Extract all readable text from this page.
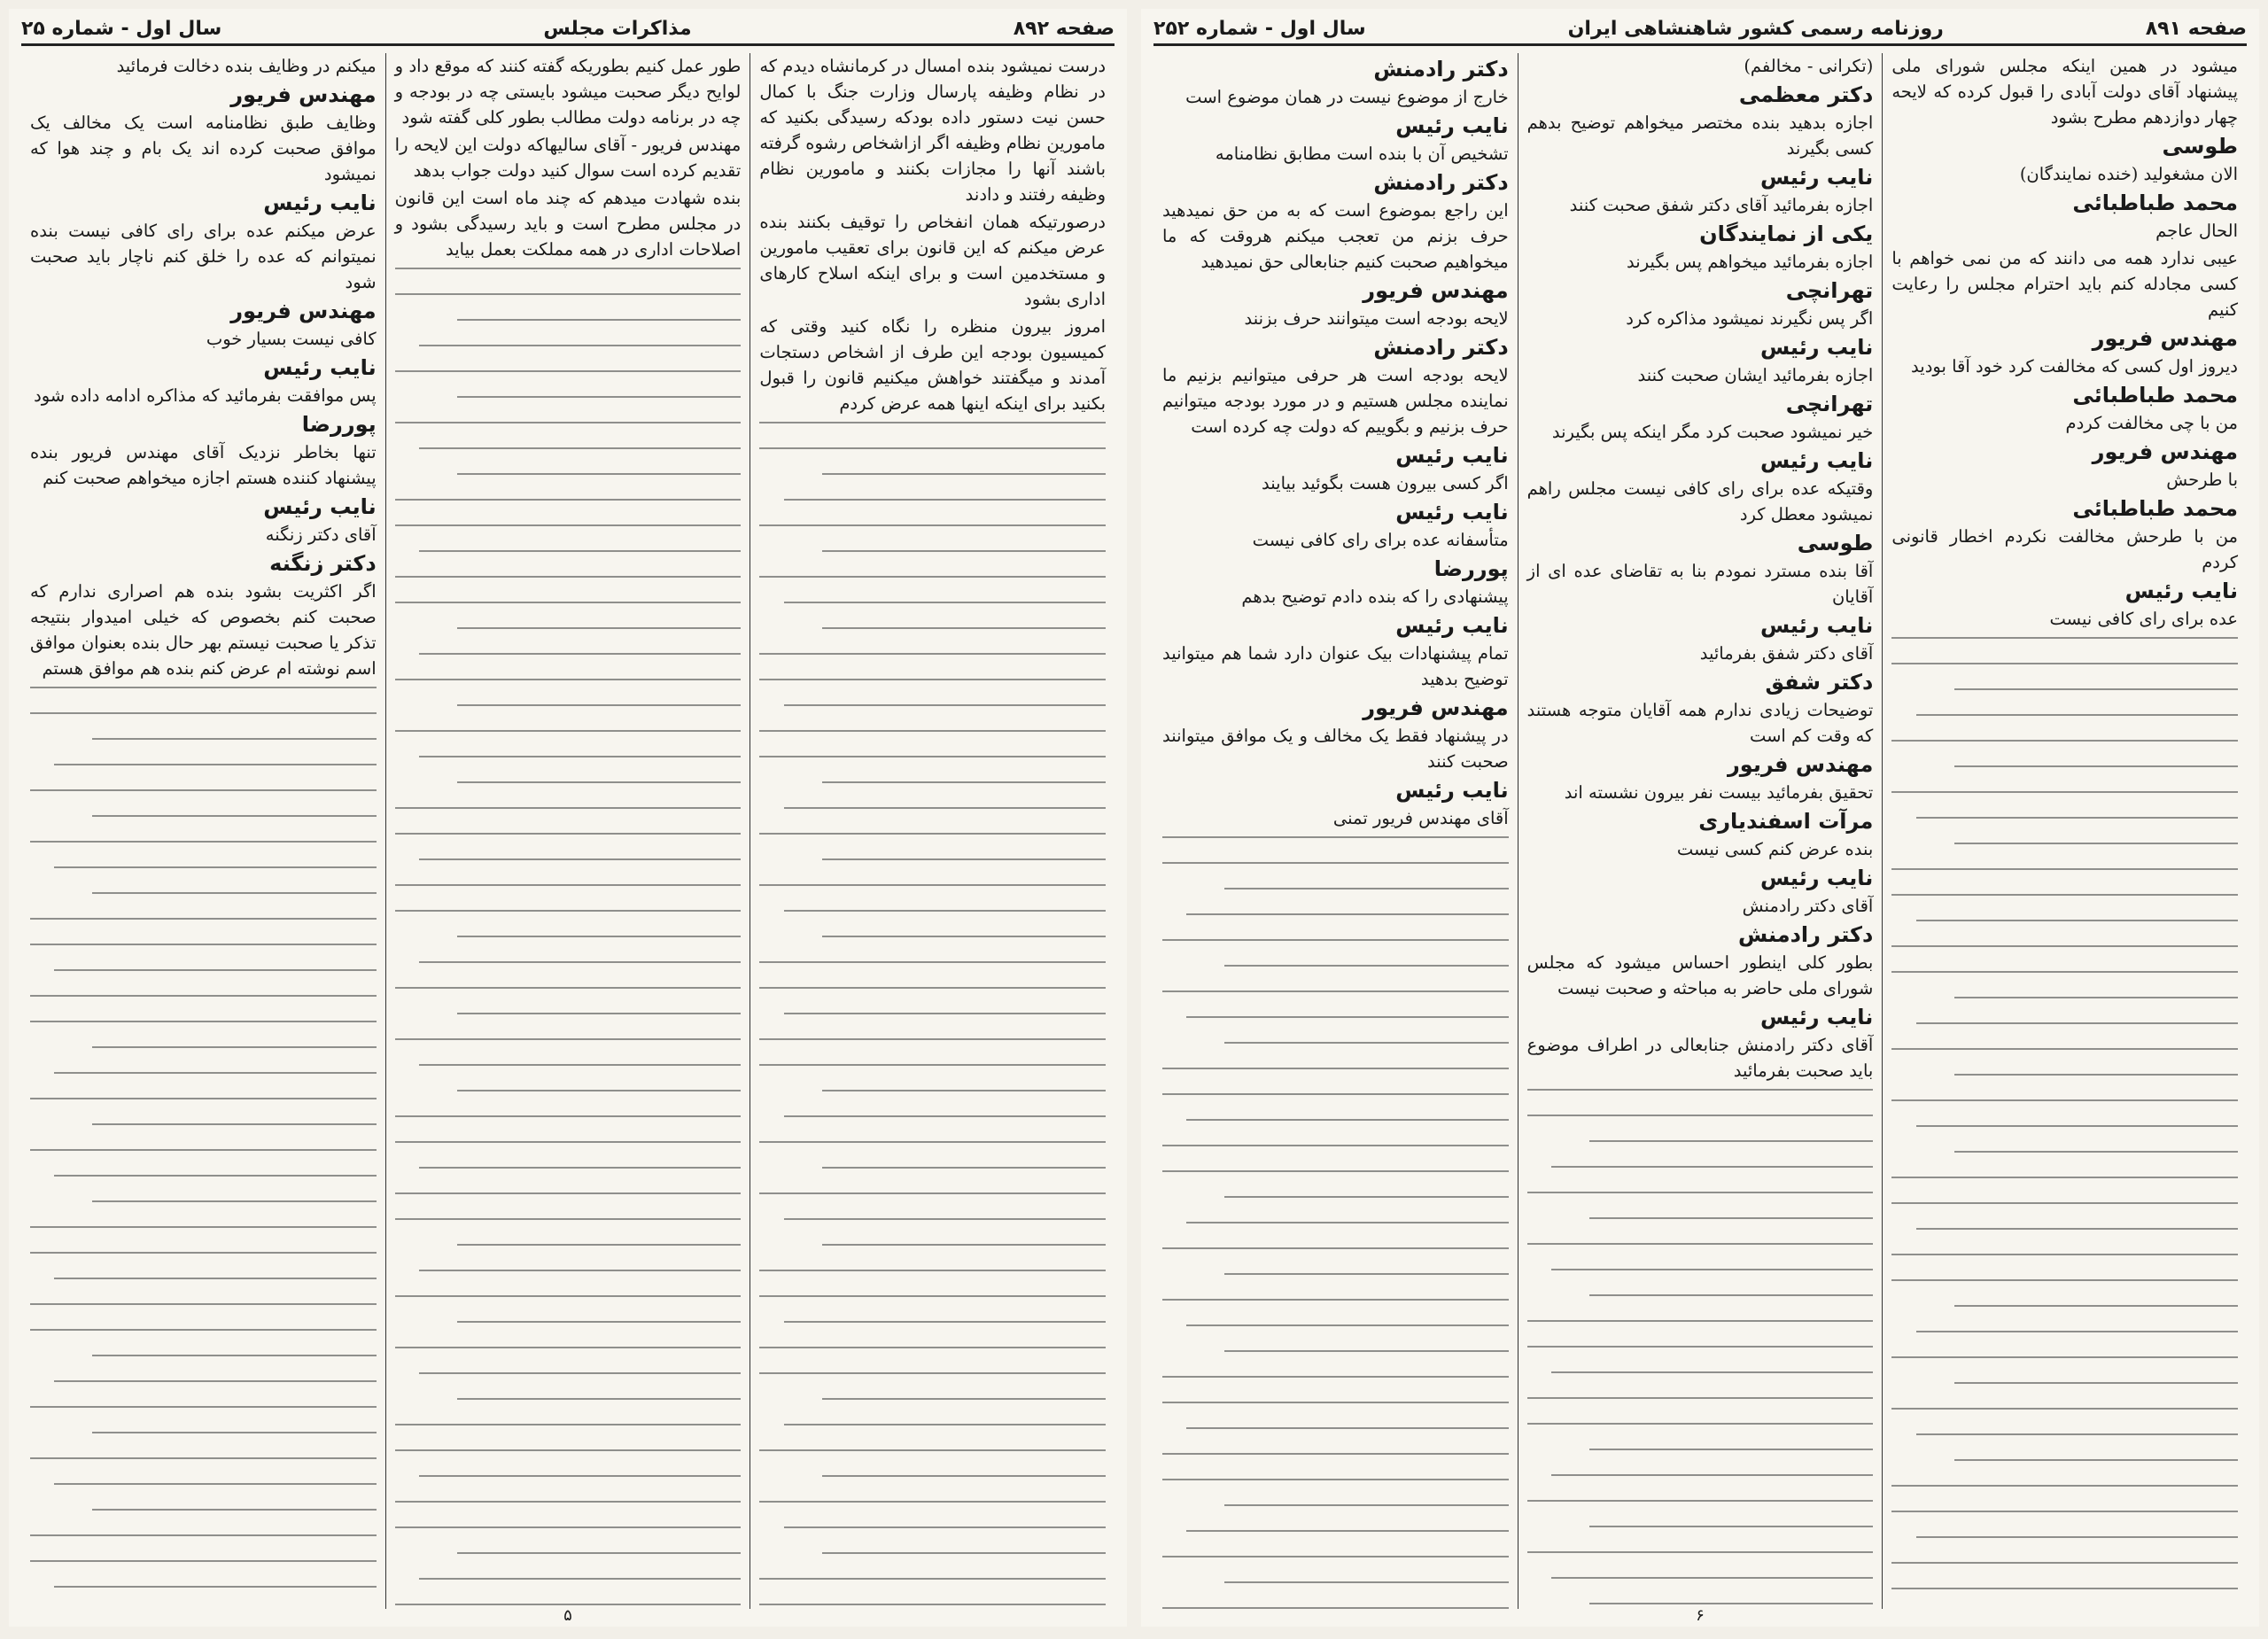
صفحه ۸۹۲
مذاکرات مجلس
سال اول - شماره ۲۵

درست نمیشود بنده امسال در کرمانشاه دیدم که در نظام وظیفه پارسال وزارت جنگ با کمال حسن نیت دستور داده بودکه رسیدگی بکنید که مامورین نظام وظیفه اگر ازاشخاص رشوه گرفته باشند آنها را مجازات بکنند و مامورین نظام وظیفه رفتند و دادند

درصورتیکه همان انفخاص را توقیف بکنند بنده عرض میکنم که این قانون برای تعقیب مامورین و مستخدمین است و برای اینکه اسلاح کارهای اداری بشود

امروز بیرون منظره را نگاه کنید وقتی که کمیسیون بودجه این طرف از اشخاص دستجات آمدند و میگفتند خواهش میکنیم قانون را قبول بکنید برای اینکه اینها همه عرض کردم

طور عمل کنیم بطوریکه گفته کنند که موقع داد و لوایح دیگر صحبت میشود بایستی چه در بودجه و چه در برنامه دولت مطالب بطور کلی گفته شود

مهندس فریور - آقای سالیهاکه دولت این لایحه را تقدیم کرده است سوال کنید دولت جواب بدهد

بنده شهادت میدهم که چند ماه است این قانون در مجلس مطرح است و باید رسیدگی بشود و اصلاحات اداری در همه مملکت بعمل بیاید

میکنم در وظایف بنده دخالت فرمائید

مهندس فریور

وظایف طبق نظامنامه است یک مخالف یک موافق صحبت کرده اند یک بام و چند هوا که نمیشود

نایب رئیس

عرض میکنم عده برای رای کافی نیست بنده نمیتوانم که عده را خلق کنم ناچار باید صحبت شود

مهندس فریور

کافی نیست بسیار خوب

نایب رئیس

پس موافقت بفرمائید که مذاکره ادامه داده شود

پوررضا

تنها بخاطر نزدیک آقای مهندس فریور بنده پیشنهاد کننده هستم اجازه میخواهم صحبت کنم

نایب رئیس

آقای دکتر زنگنه

دکتر زنگنه

اگر اکثریت بشود بنده هم اصراری ندارم که صحبت کنم بخصوص که خیلی امیدوار بنتیجه تذکر یا صحبت نیستم بهر حال بنده بعنوان موافق اسم نوشته ام عرض کنم بنده هم موافق هستم

۵
صفحه ۸۹۱
روزنامه رسمی کشور شاهنشاهی ایران
سال اول - شماره ۲۵۲

میشود در همین اینکه مجلس شورای ملی پیشنهاد آقای دولت آبادی را قبول کرده که لایحه چهار دوازدهم مطرح بشود

طوسی

الان مشغولید (خنده نمایندگان)

محمد طباطبائی

الحال عاجم

عیبی ندارد همه می دانند که من نمی خواهم با کسی مجادله کنم باید احترام مجلس را رعایت کنیم

مهندس فریور

دیروز اول کسی که مخالفت کرد خود آقا بودید

محمد طباطبائی

من با چی مخالفت کردم

مهندس فریور

با طرحش

محمد طباطبائی

من با طرحش مخالفت نکردم اخطار قانونی کردم

نایب رئیس

عده برای رای کافی نیست

(تکرانی - مخالفم)

دکتر معظمی

اجازه بدهید بنده مختصر میخواهم توضیح بدهم کسی بگیرند

نایب رئیس

اجازه بفرمائید آقای دکتر شفق صحبت کنند

یکی از نمایندگان

اجازه بفرمائید میخواهم پس بگیرند

تهرانچی

اگر پس نگیرند نمیشود مذاکره کرد

نایب رئیس

اجازه بفرمائید ایشان صحبت کنند

تهرانچی

خیر نمیشود صحبت کرد مگر اینکه پس بگیرند

نایب رئیس

وقتیکه عده برای رای کافی نیست مجلس راهم نمیشود معطل کرد

طوسی

آقا بنده مسترد نمودم بنا به تقاضای عده ای از آقایان

نایب رئیس

آقای دکتر شفق بفرمائید

دکتر شفق

توضیحات زیادی ندارم همه آقایان متوجه هستند که وقت کم است

مهندس فریور

تحقیق بفرمائید بیست نفر بیرون نشسته اند

مرآت اسفندیاری

بنده عرض کنم کسی نیست

نایب رئیس

آقای دکتر رادمنش

دکتر رادمنش

بطور کلی اینطور احساس میشود که مجلس شورای ملی حاضر به مباحثه و صحبت نیست

نایب رئیس

آقای دکتر رادمنش جنابعالی در اطراف موضوع باید صحبت بفرمائید

دکتر رادمنش

خارج از موضوع نیست در همان موضوع است

نایب رئیس

تشخیص آن با بنده است مطابق نظامنامه

دکتر رادمنش

این راجع بموضوع است که به من حق نمیدهید حرف بزنم من تعجب میکنم هروقت که ما میخواهیم صحبت کنیم جنابعالی حق نمیدهید

مهندس فریور

لایحه بودجه است میتوانند حرف بزنند

دکتر رادمنش

لایحه بودجه است هر حرفی میتوانیم بزنیم ما نماینده مجلس هستیم و در مورد بودجه میتوانیم حرف بزنیم و بگوییم که دولت چه کرده است

نایب رئیس

اگر کسی بیرون هست بگوئید بیایند

نایب رئیس

متأسفانه عده برای رای کافی نیست

پوررضا

پیشنهادی را که بنده دادم توضیح بدهم

نایب رئیس

تمام پیشنهادات بیک عنوان دارد شما هم میتوانید توضیح بدهید

مهندس فریور

در پیشنهاد فقط یک مخالف و یک موافق میتوانند صحبت کنند

نایب رئیس

آقای مهندس فریور تمنی

۶
